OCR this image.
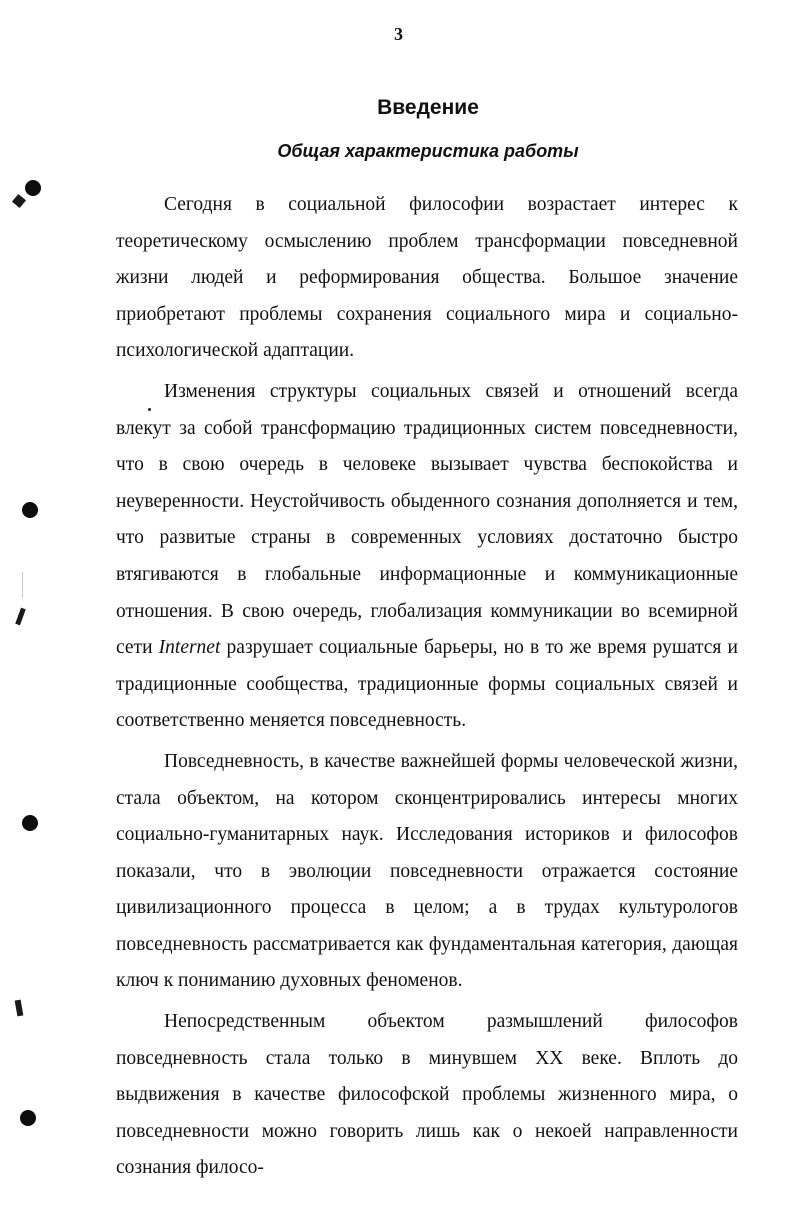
3
Введение
Общая характеристика работы

Сегодня в социальной философии возрастает интерес к теоретическому осмыслению проблем трансформации повседневной жизни людей и реформирования общества. Большое значение приобретают проблемы сохранения социального мира и социально-психологической адаптации.

Изменения структуры социальных связей и отношений всегда влекут за собой трансформацию традиционных систем повседневности, что в свою очередь в человеке вызывает чувства беспокойства и неуверенности. Неустойчивость обыденного сознания дополняется и тем, что развитые страны в современных условиях достаточно быстро втягиваются в глобальные информационные и коммуникационные отношения. В свою очередь, глобализация коммуникации во всемирной сети Internet разрушает социальные барьеры, но в то же время рушатся и традиционные сообщества, традиционные формы социальных связей и соответственно меняется повседневность.

Повседневность, в качестве важнейшей формы человеческой жизни, стала объектом, на котором сконцентрировались интересы многих социально-гуманитарных наук. Исследования историков и философов показали, что в эволюции повседневности отражается состояние цивилизационного процесса в целом; а в трудах культурологов повседневность рассматривается как фундаментальная категория, дающая ключ к пониманию духовных феноменов.

Непосредственным объектом размышлений философов повседневность стала только в минувшем XX веке. Вплоть до выдвижения в качестве философской проблемы жизненного мира, о повседневности можно говорить лишь как о некоей направленности сознания филосо-
